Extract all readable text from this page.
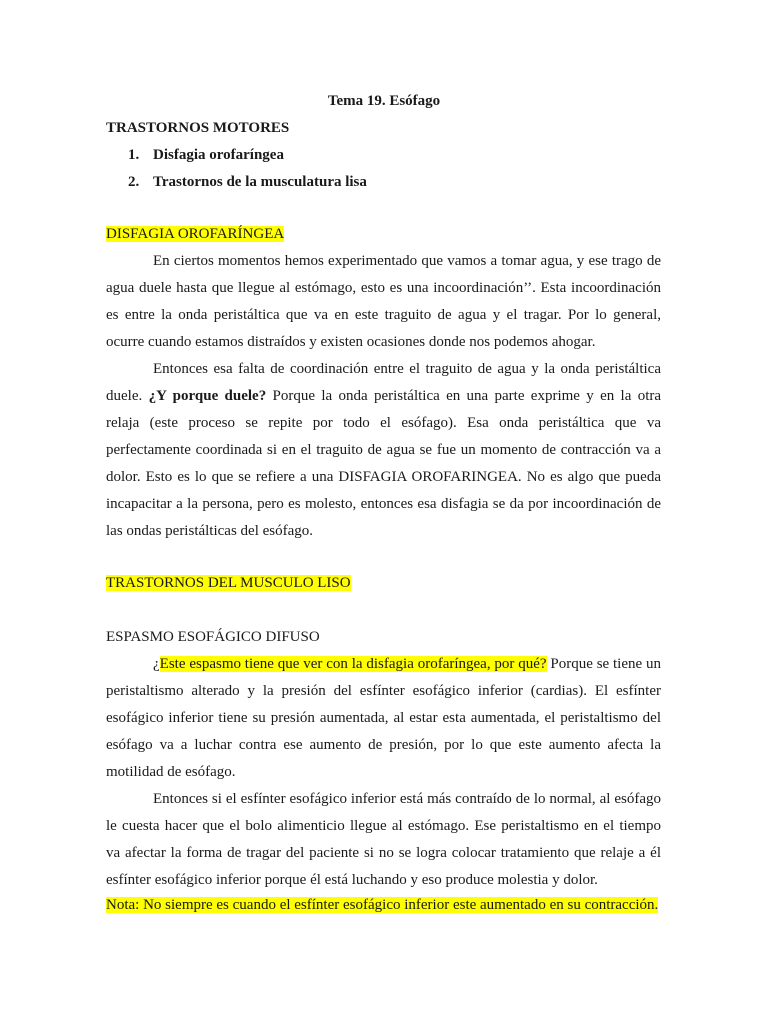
Tema 19. Esófago
TRASTORNOS MOTORES
1. Disfagia orofaríngea
2. Trastornos de la musculatura lisa
DISFAGIA OROFARÍNGEA
En ciertos momentos hemos experimentado que vamos a tomar agua, y ese trago de
agua duele hasta que llegue al estómago, esto es una incoordinación’’. Esta incoordinación
es entre la onda peristáltica que va en este traguito de agua y el tragar. Por lo general,
ocurre cuando estamos distraídos y existen ocasiones donde nos podemos ahogar.
Entonces esa falta de coordinación entre el traguito de agua y la onda peristáltica
duele. ¿Y porque duele? Porque la onda peristáltica en una parte exprime y en la otra
relaja (este proceso se repite por todo el esófago). Esa onda peristáltica que va
perfectamente coordinada si en el traguito de agua se fue un momento de contracción va a
dolor. Esto es lo que se refiere a una DISFAGIA OROFARINGEA. No es algo que pueda
incapacitar a la persona, pero es molesto, entonces esa disfagia se da por incoordinación de
las ondas peristálticas del esófago.
TRASTORNOS DEL MUSCULO LISO
ESPASMO ESOFÁGICO DIFUSO
¿Este espasmo tiene que ver con la disfagia orofaríngea, por qué? Porque se tiene un
peristaltismo alterado y la presión del esfínter esofágico inferior (cardias). El esfínter
esofágico inferior tiene su presión aumentada, al estar esta aumentada, el peristaltismo del
esófago va a luchar contra ese aumento de presión, por lo que este aumento afecta la
motilidad de esófago.
Entonces si el esfínter esofágico inferior está más contraído de lo normal, al esófago
le cuesta hacer que el bolo alimenticio llegue al estómago. Ese peristaltismo en el tiempo
va afectar la forma de tragar del paciente si no se logra colocar tratamiento que relaje a él
esfínter esofágico inferior porque él está luchando y eso produce molestia y dolor.
Nota: No siempre es cuando el esfínter esofágico inferior este aumentado en su contracción.
